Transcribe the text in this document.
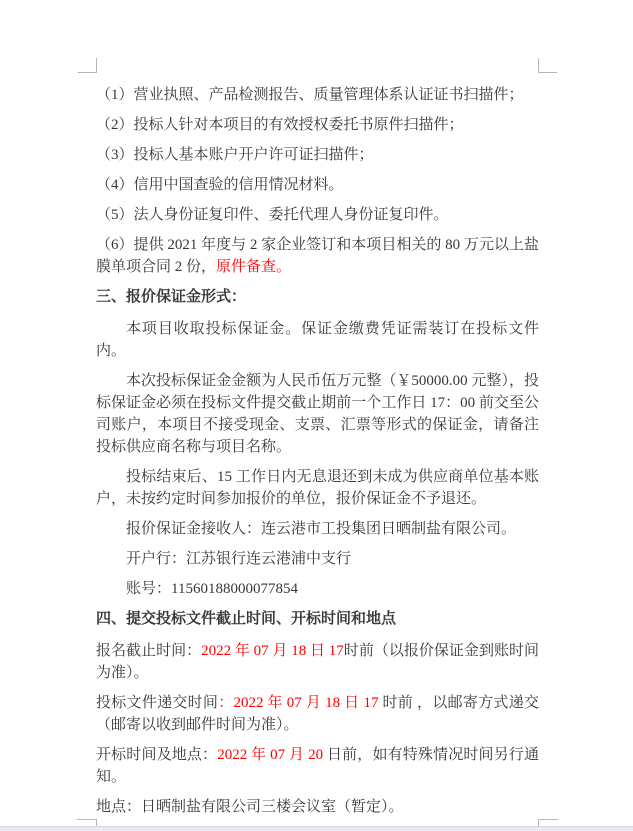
（1）营业执照、产品检测报告、质量管理体系认证证书扫描件；

（2）投标人针对本项目的有效授权委托书原件扫描件；

（3）投标人基本账户开户许可证扫描件；

（4）信用中国查验的信用情况材料。

（5）法人身份证复印件、委托代理人身份证复印件。

（6）提供 2021 年度与 2 家企业签订和本项目相关的 80 万元以上盐膜单项合同 2 份，原件备查。

三、报价保证金形式：

本项目收取投标保证金。保证金缴费凭证需装订在投标文件内。

本次投标保证金金额为人民币伍万元整（￥50000.00 元整），投标保证金必须在投标文件提交截止期前一个工作日 17：00 前交至公司账户，本项目不接受现金、支票、汇票等形式的保证金，请备注投标供应商名称与项目名称。

投标结束后、15 工作日内无息退还到未成为供应商单位基本账户，未按约定时间参加报价的单位，报价保证金不予退还。

报价保证金接收人：连云港市工投集团日晒制盐有限公司。

开户行：江苏银行连云港浦中支行

账号：11560188000077854

四、提交投标文件截止时间、开标时间和地点

报名截止时间：2022 年 07 月 18 日 17时前（以报价保证金到账时间为准）。

投标文件递交时间：2022 年 07 月 18 日 17 时前 ，以邮寄方式递交（邮寄以收到邮件时间为准）。

开标时间及地点：2022 年 07 月 20 日前，如有特殊情况时间另行通知。

地点：日晒制盐有限公司三楼会议室（暂定）。
